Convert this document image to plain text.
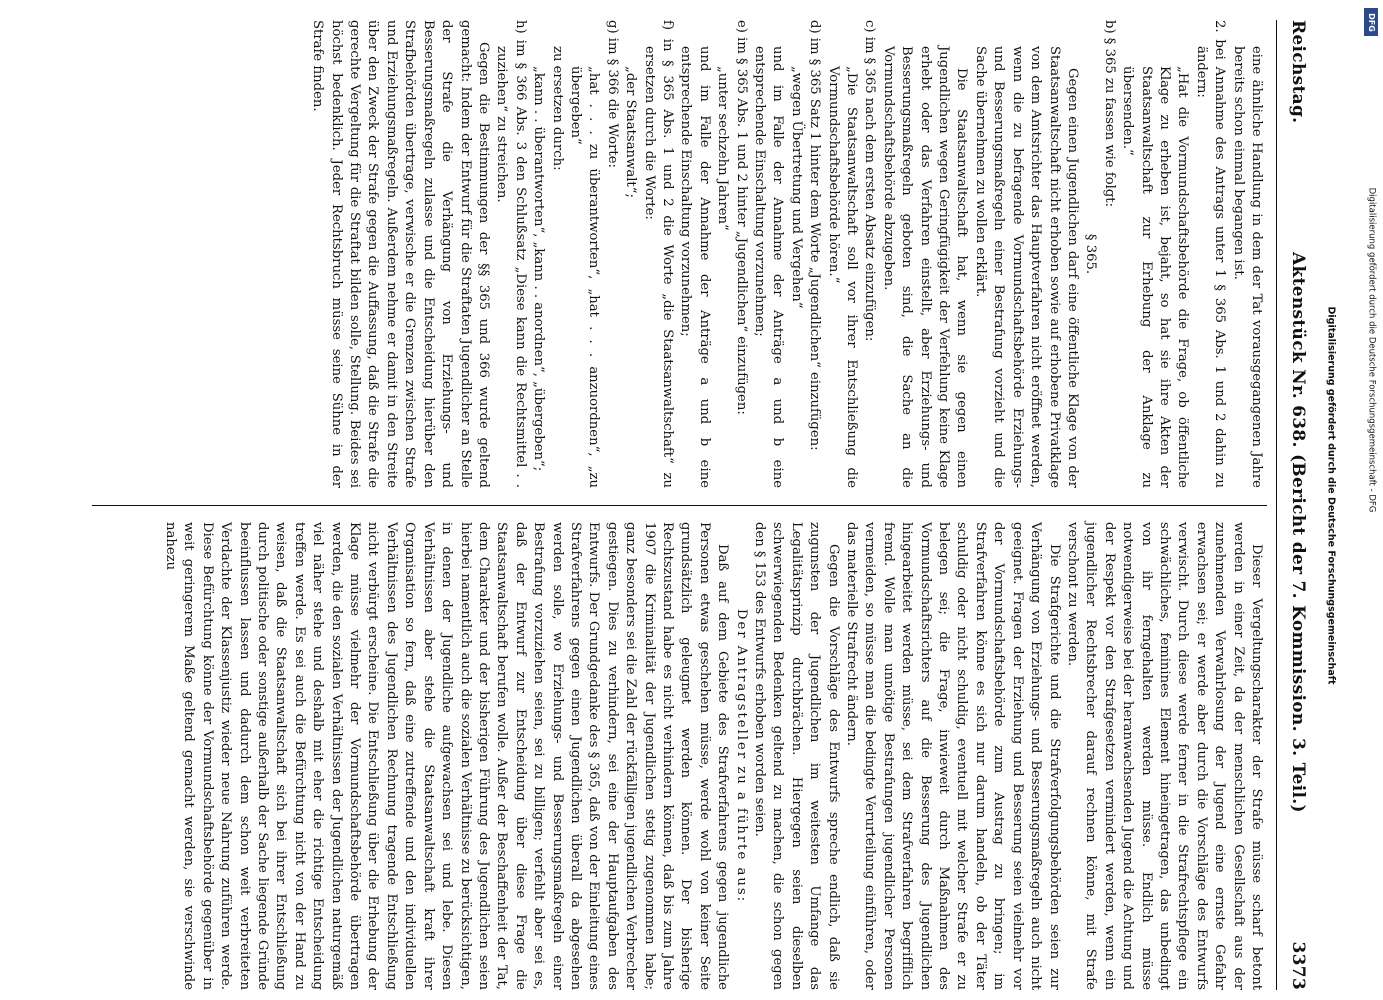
Reichstag.
Aktenstück Nr. 638. (Bericht der 7. Kommission. 3. Teil.)
3373

eine ähnliche Handlung in dem der Tat vorausgegangenen Jahre bereits schon einmal begangen ist.

2. bei Annahme des Antrags unter 1 § 365 Abs. 1 und 2 dahin zu ändern:

„Hat die Vormundschaftsbehörde die Frage, ob öffentliche Klage zu erheben ist, bejaht, so hat sie ihre Akten der Staatsanwaltschaft zur Erhebung der Anklage zu übersenden.“

b) § 365 zu fassen wie folgt:

§ 365.

Gegen einen Jugendlichen darf eine öffentliche Klage von der Staatsanwaltschaft nicht erhoben sowie auf erhobene Privatklage von dem Amtsrichter das Hauptverfahren nicht eröffnet werden, wenn die zu befragende Vormundschaftsbehörde Erziehungs- und Besserungsmaßregeln einer Bestrafung vorzieht und die Sache übernehmen zu wollen erklärt.

Die Staatsanwaltschaft hat, wenn sie gegen einen Jugendlichen wegen Geringfügigkeit der Verfehlung keine Klage erhebt oder das Verfahren einstellt, aber Erziehungs- und Besserungsmaßregeln geboten sind, die Sache an die Vormundschaftsbehörde abzugeben.

c) im § 365 nach dem ersten Absatz einzufügen:

„Die Staatsanwaltschaft soll vor ihrer Entschließung die Vormundschaftsbehörde hören.“

d) im § 365 Satz 1 hinter dem Worte „Jugendlichen“ einzufügen:

„wegen Übertretung und Vergehen“

und im Falle der Annahme der Anträge a und b eine entsprechende Einschaltung vorzunehmen;

e) im § 365 Abs. 1 und 2 hinter „Jugendlichen“ einzufügen:

„unter sechzehn Jahren“

und im Falle der Annahme der Anträge a und b eine entsprechende Einschaltung vorzunehmen;

f) in § 365 Abs. 1 und 2 die Worte „die Staatsanwaltschaft“ zu ersetzen durch die Worte:

„der Staatsanwalt“;

g) im § 366 die Worte:

„hat . . . zu überantworten“, „hat . . . anzuordnen“, „zu übergeben“

zu ersetzen durch:

„kann . . überantworten“, „kann . . anordnen“, „übergeben“;

h) im § 366 Abs. 3 den Schlußsatz „Diese kann die Rechtsmittel . . zuziehen“ zu streichen.

Gegen die Bestimmungen der §§ 365 und 366 wurde geltend gemacht: Indem der Entwurf für die Straftaten Jugendlicher an Stelle der Strafe die Verhängung von Erziehungs- und Besserungsmaßregeln zulasse und die Entscheidung hierüber den Strafbehörden übertrage, verwische er die Grenzen zwischen Strafe und Erziehungsmaßregeln. Außerdem nehme er damit in den Streite über den Zweck der Strafe gegen die Auffassung, daß die Strafe die gerechte Vergeltung für die Straftat bilden solle, Stellung. Beides sei höchst bedenklich. Jeder Rechtsbruch müsse seine Sühne in der Strafe finden.

Dieser Vergeltungscharakter der Strafe müsse scharf betont werden in einer Zeit, da der menschlichen Gesellschaft aus der zunehmenden Verwahrlosung der Jugend eine ernste Gefahr erwachsen sei; er werde aber durch die Vorschläge des Entwurfs verwischt. Durch diese werde ferner in die Strafrechtspflege ein schwächliches, feminines Element hineingetragen, das unbedingt von ihr ferngehalten werden müsse. Endlich müsse notwendigerweise bei der heranwachsenden Jugend die Achtung und der Respekt vor den Strafgesetzen vermindert werden, wenn ein jugendlicher Rechtsbrecher darauf rechnen könne, mit Strafe verschont zu werden.

Die Strafgerichte und die Strafverfolgungsbehörden seien zur Verhängung von Erziehungs- und Besserungsmaßregeln auch nicht geeignet. Fragen der Erziehung und Besserung seien vielmehr vor der Vormundschaftsbehörde zum Austrag zu bringen; im Strafverfahren könne es sich nur darum handeln, ob der Täter schuldig oder nicht schuldig, eventuell mit welcher Strafe er zu belegen sei; die Frage, inwieweit durch Maßnahmen des Vormundschaftsrichters auf die Besserung des Jugendlichen hingearbeitet werden müsse, sei dem Strafverfahren begrifflich fremd. Wolle man unnötige Bestrafungen jugendlicher Personen vermeiden, so müsse man die bedingte Verurteilung einführen, oder das materielle Strafrecht ändern.

Gegen die Vorschläge des Entwurfs spreche endlich, daß sie zugunsten der Jugendlichen im weitesten Umfange das Legalitätsprinzip durchbrächen. Hiergegen seien dieselben schwerwiegenden Bedenken geltend zu machen, die schon gegen den § 153 des Entwurfs erhoben worden seien.

Der Antragsteller zu a führte aus:

Daß auf dem Gebiete des Strafverfahrens gegen jugendliche Personen etwas geschehen müsse, werde wohl von keiner Seite grundsätzlich geleugnet werden können. Der bisherige Rechtszustand habe es nicht verhindern können, daß bis zum Jahre 1907 die Kriminalität der Jugendlichen stetig zugenommen habe; ganz besonders sei die Zahl der rückfälligen jugendlichen Verbrecher gestiegen. Dies zu verhindern, sei eine der Hauptaufgaben des Entwurfs. Der Grundgedanke des § 365, daß von der Einleitung eines Strafverfahrens gegen einen Jugendlichen überall da abgesehen werden solle, wo Erziehungs- und Besserungsmaßregeln einer Bestrafung vorzuziehen seien, sei zu billigen; verfehlt aber sei es, daß der Entwurf zur Entscheidung über diese Frage die Staatsanwaltschaft berufen wolle. Außer der Beschaffenheit der Tat, dem Charakter und der bisherigen Führung des Jugendlichen seien hierbei namentlich auch die sozialen Verhältnisse zu berücksichtigen, in denen der Jugendliche aufgewachsen sei und lebe. Diesen Verhältnissen aber stehe die Staatsanwaltschaft kraft ihrer Organisation so fern, daß eine zutreffende und den individuellen Verhältnissen des Jugendlichen Rechnung tragende Entschließung nicht verbürgt erscheine. Die Entschließung über die Erhebung der Klage müsse vielmehr der Vormundschaftsbehörde übertragen werden, die den sozialen Verhältnissen der Jugendlichen naturgemäß viel näher stehe und deshalb mit eher die richtige Entscheidung treffen werde. Es sei auch die Befürchtung nicht von der Hand zu weisen, daß die Staatsanwaltschaft sich bei ihrer Entschließung durch politische oder sonstige außerhalb der Sache liegende Gründe beeinflussen lassen und dadurch dem schon weit verbreiteten Verdachte der Klassenjustiz wieder neue Nahrung zuführen werde. Diese Befürchtung könne der Vormundschaftsbehörde gegenüber in weit geringerem Maße geltend gemacht werden, sie verschwinde nahezu	Digitalisierung gefördert durch die Deutsche Forschungsgemeinschaft
DFG
Digitalisierung gefördert durch die Deutsche Forschungsgemeinschaft - DFG
